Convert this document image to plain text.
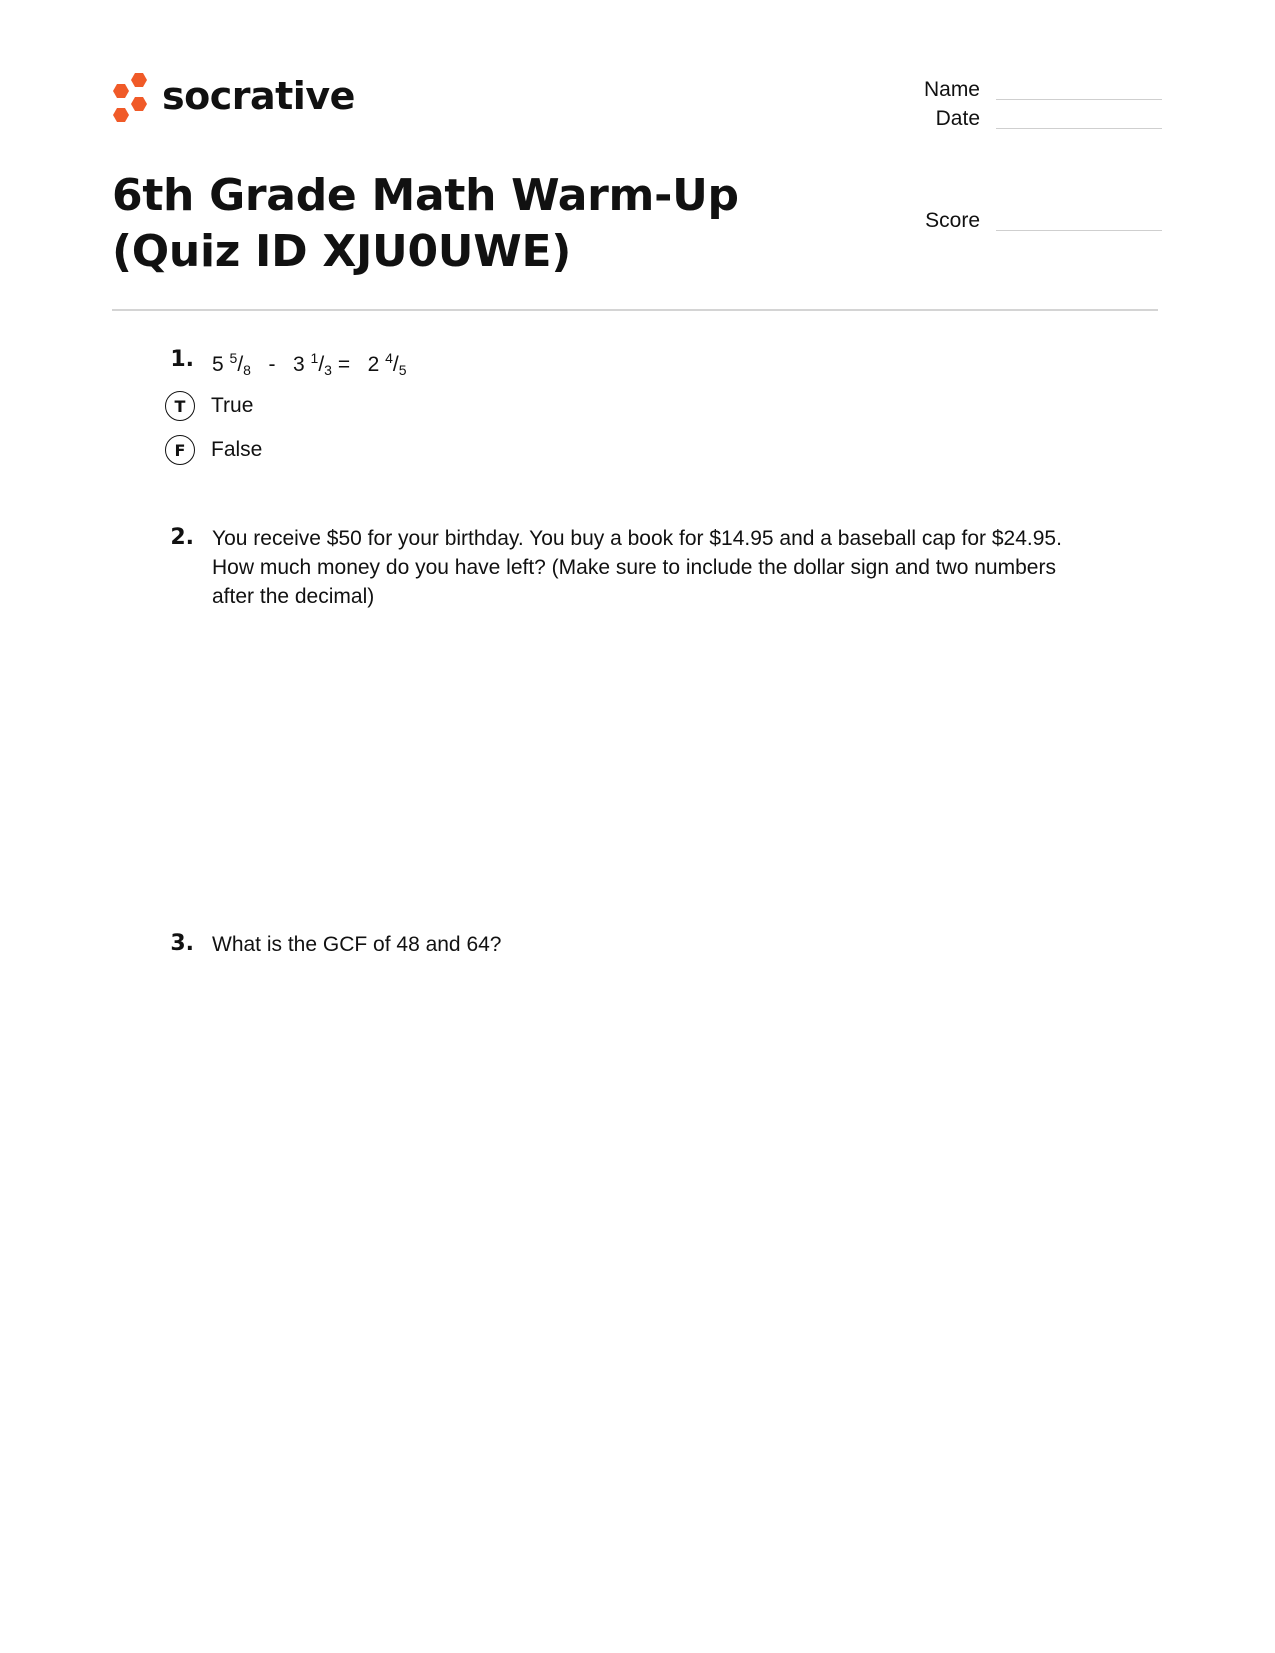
socrative	Name
Date
Score
6th Grade Math Warm-Up (Quiz ID XJU0UWE)
1. 5 $^5/_8 - 3$ $^1/_3 = 2$ $^4/_5$
T	True
F	False
2. You receive $50 for your birthday. You buy a book for $14.95 and a baseball cap for $24.95.
How much money do you have left? (Make sure to include the dollar sign and two numbers
after the decimal)
3. What is the GCF of 48 and 64?
